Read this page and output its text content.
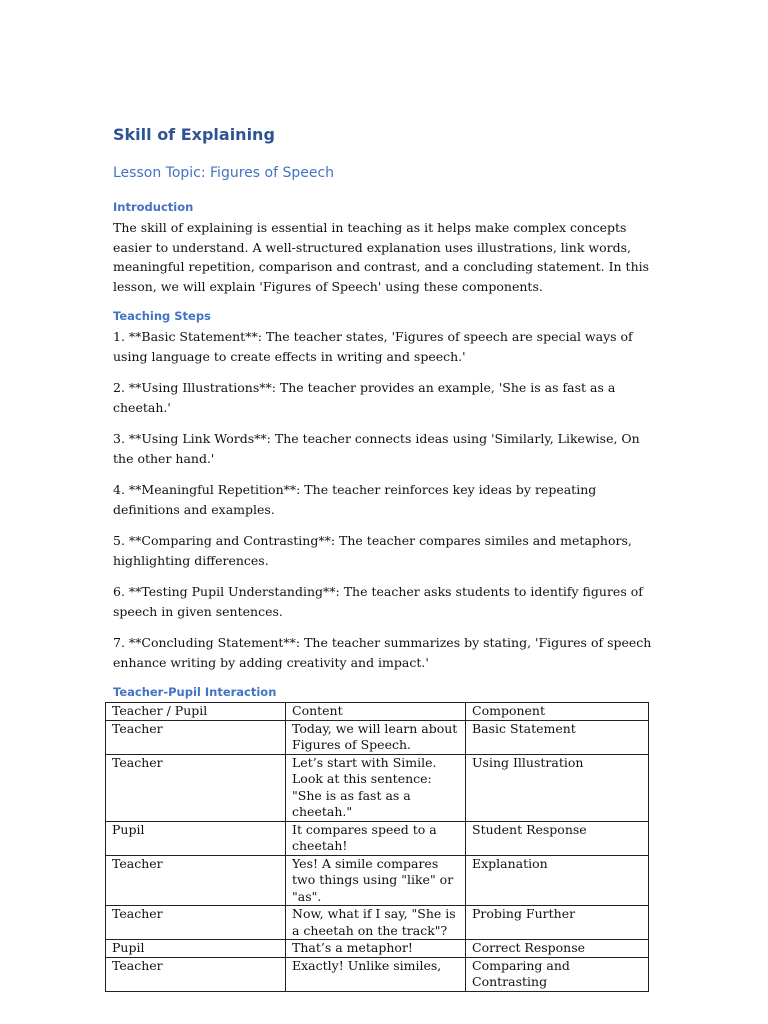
Skill of Explaining
Lesson Topic: Figures of Speech
Introduction

The skill of explaining is essential in teaching as it helps make complex concepts easier to understand. A well-structured explanation uses illustrations, link words, meaningful repetition, comparison and contrast, and a concluding statement. In this lesson, we will explain 'Figures of Speech' using these components.

Teaching Steps

1. **Basic Statement**: The teacher states, 'Figures of speech are special ways of using language to create effects in writing and speech.'

2. **Using Illustrations**: The teacher provides an example, 'She is as fast as a cheetah.'

3. **Using Link Words**: The teacher connects ideas using 'Similarly, Likewise, On the other hand.'

4. **Meaningful Repetition**: The teacher reinforces key ideas by repeating definitions and examples.

5. **Comparing and Contrasting**: The teacher compares similes and metaphors, highlighting differences.

6. **Testing Pupil Understanding**: The teacher asks students to identify figures of speech in given sentences.

7. **Concluding Statement**: The teacher summarizes by stating, 'Figures of speech enhance writing by adding creativity and impact.'

Teacher-Pupil Interaction
Teacher / Pupil	Content	Component
Teacher	Today, we will learn about Figures of Speech.	Basic Statement
Teacher	Let’s start with Simile. Look at this sentence: "She is as fast as a cheetah."	Using Illustration
Pupil	It compares speed to a cheetah!	Student Response
Teacher	Yes! A simile compares two things using "like" or "as".	Explanation
Teacher	Now, what if I say, "She is a cheetah on the track"?	Probing Further
Pupil	That’s a metaphor!	Correct Response
Teacher	Exactly! Unlike similes,	Comparing and Contrasting
